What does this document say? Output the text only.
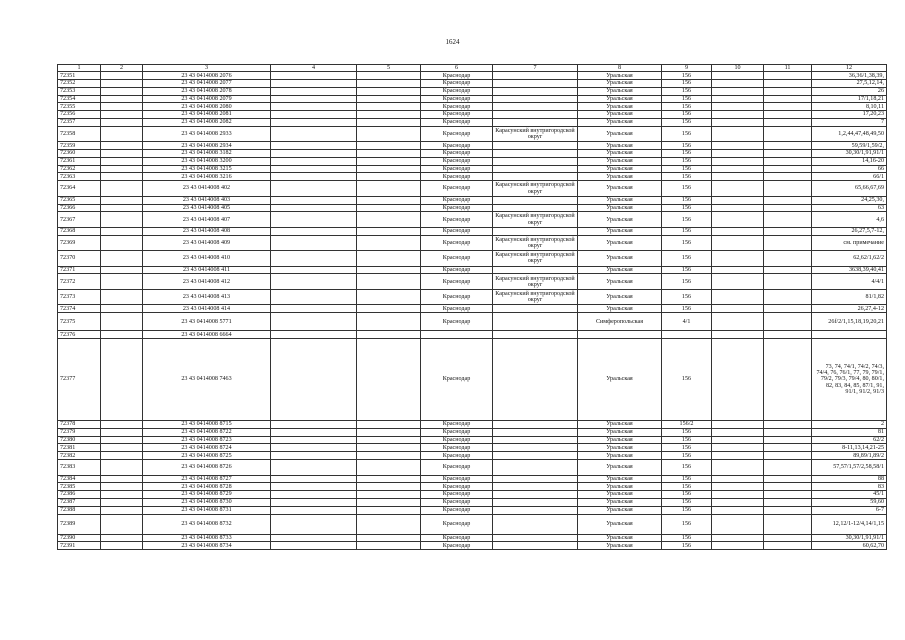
1624
1	2	3	4	5	6	7	8	9	10	11	12
72351		23 43 0414008 2076			Краснодар		Уральская	156			36,36/1,38,39,
72352		23 43 0414008 2077			Краснодар		Уральская	156			27,5,12,14,
72353		23 43 0414008 2078			Краснодар		Уральская	156			26
72354		23 43 0414008 2079			Краснодар		Уральская	156			17/1,18,21
72355		23 43 0414008 2080			Краснодар		Уральская	156			8,10,11
72356		23 43 0414008 2081			Краснодар		Уральская	156			17,20,23
72357		23 43 0414008 2082			Краснодар		Уральская	156			7
72358		23 43 0414008 2933			Краснодар	Карасунский внутригородской округ	Уральская	156			1,2,44,47,48,49,50
72359		23 43 0414008 2934			Краснодар		Уральская	156			59,59/1,59/2,
72360		23 43 0414008 3182			Краснодар		Уральская	156			30,30/1,91,91/1
72361		23 43 0414008 3200			Краснодар		Уральская	156			14,16-20
72362		23 43 0414008 3215			Краснодар		Уральская	156			66
72363		23 43 0414008 3216			Краснодар		Уральская	156			66/1
72364		23 43 0414008 402			Краснодар	Карасунский внутригородской округ	Уральская	156			65,66,67,69
72365		23 43 0414008 403			Краснодар		Уральская	156			24,25,30,
72366		23 43 0414008 405			Краснодар		Уральская	156			63
72367		23 43 0414008 407			Краснодар	Карасунский внутригородской округ	Уральская	156			4,6
72368		23 43 0414008 408			Краснодар		Уральская	156			26,27,5,7-12,
72369		23 43 0414008 409			Краснодар	Карасунский внутригородской округ	Уральская	156			см. примечание
72370		23 43 0414008 410			Краснодар	Карасунский внутригородской округ	Уральская	156			62,62/1,62/2
72371		23 43 0414008 411			Краснодар		Уральская	156			3638,39,40,41
72372		23 43 0414008 412			Краснодар	Карасунский внутригородской округ	Уральская	156			4/4/1
72373		23 43 0414008 413			Краснодар	Карасунский внутригородской округ	Уральская	156			81/1,82
72374		23 43 0414008 414			Краснодар		Уральская	156			26,27,4-12
72375		23 43 0414008 5771			Краснодар		Симферопольская	4/1			26f/2/1,15,18,19,20,21
72376		23 43 0414008 6664									
72377		23 43 0414008 7463			Краснодар		Уральская	156			73, 74, 74/1, 74/2, 74/3, 74/4, 76, 76/1, 77, 79, 79/1, 79/2, 79/3, 79/4, 80, 80/1, 82, 83, 84, 85, 87/1, 91, 91/1, 91/2, 91/3
72378		23 43 0414008 8715			Краснодар		Уральская	156/2			2
72379		23 43 0414008 8722			Краснодар		Уральская	156			81
72380		23 43 0414008 8723			Краснодар		Уральская	156			62/2
72381		23 43 0414008 8724			Краснодар		Уральская	156			8-11,13,14,21-25
72382		23 43 0414008 8725			Краснодар		Уральская	156			89,89/1,89/2
72383		23 43 0414008 8726			Краснодар		Уральская	156			57,57/1,57/2,58,58/1
72384		23 43 0414008 8727			Краснодар		Уральская	156			88
72385		23 43 0414008 8728			Краснодар		Уральская	156			83
72386		23 43 0414008 8729			Краснодар		Уральская	156			45/1
72387		23 43 0414008 8730			Краснодар		Уральская	156			59,60
72388		23 43 0414008 8731			Краснодар		Уральская	156			6-7
72389		23 43 0414008 8732			Краснодар		Уральская	156			12,12/1-12/4,14/1,15
72390		23 43 0414008 8733			Краснодар		Уральская	156			30,30/1,91,91/1
72391		23 43 0414008 8734			Краснодар		Уральская	156			60,62,70
